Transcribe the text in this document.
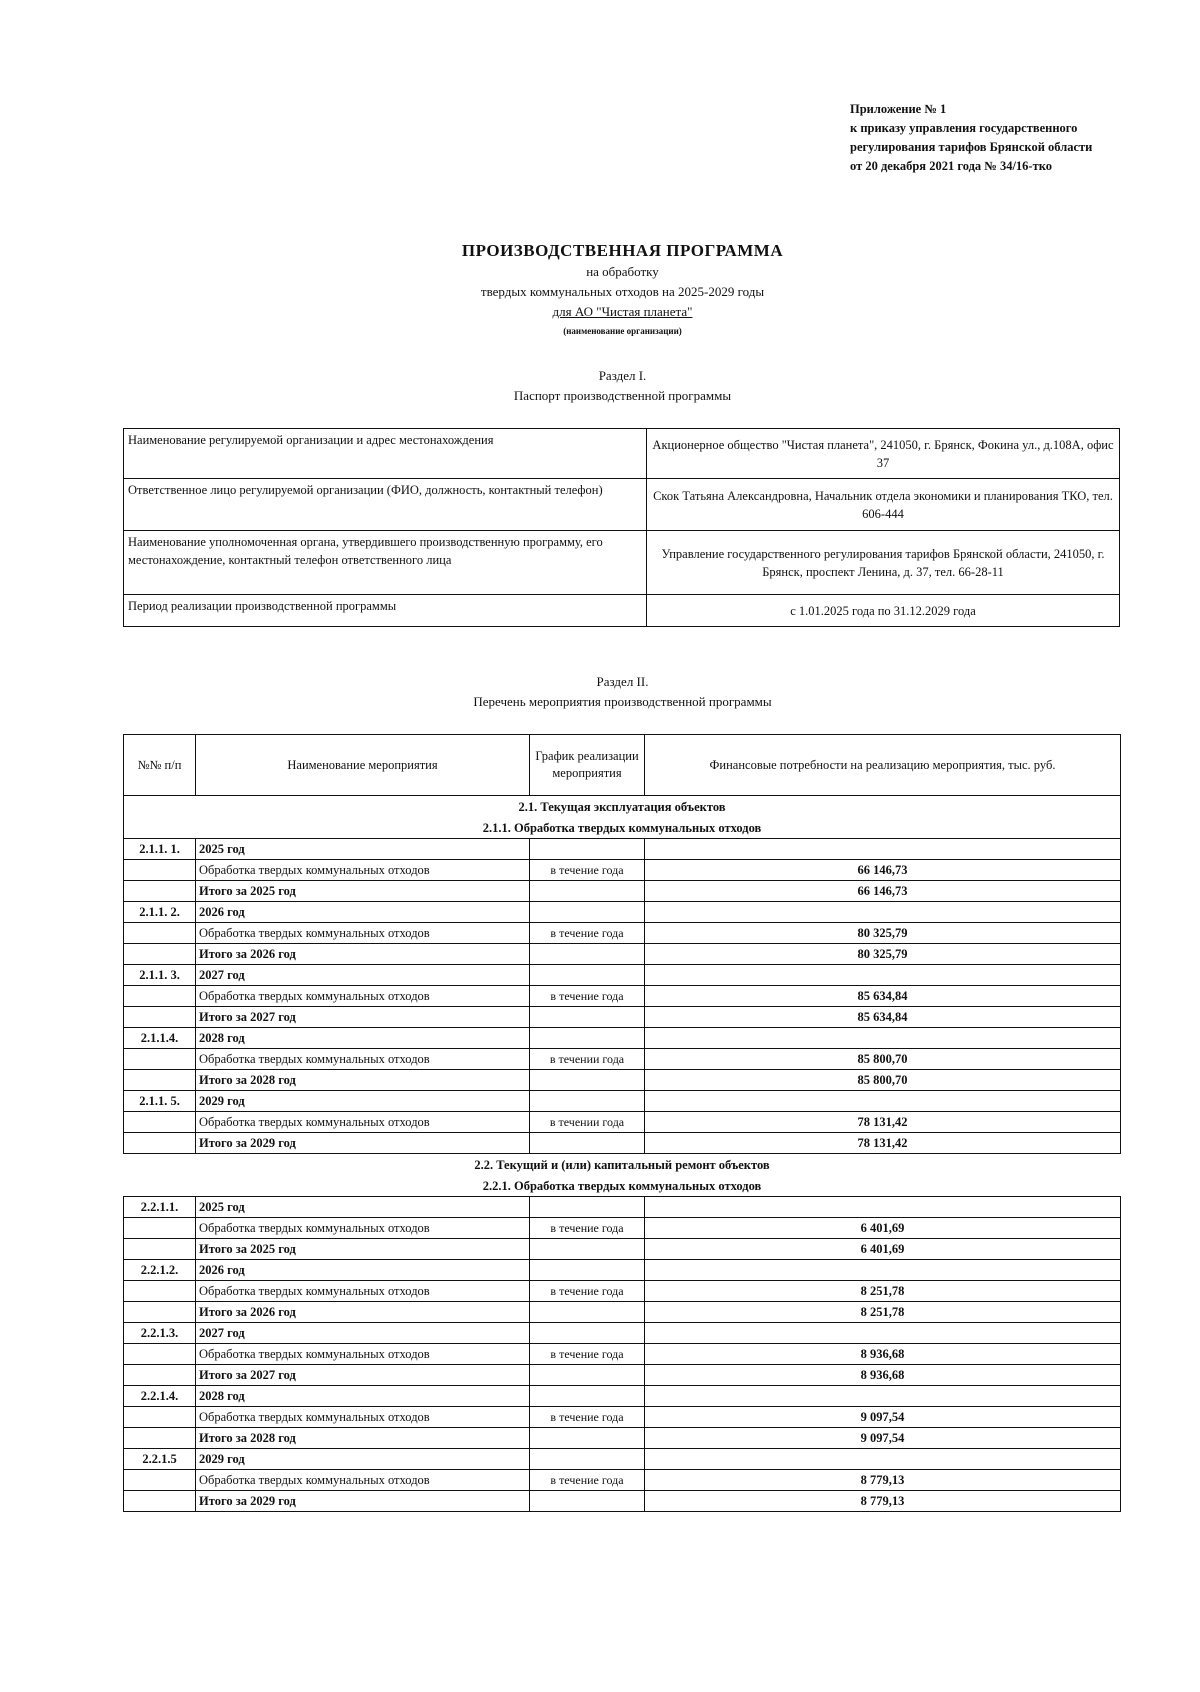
Приложение № 1
к приказу управления государственного
регулирования тарифов Брянской области
от 20 декабря 2021 года № 34/16-тко
ПРОИЗВОДСТВЕННАЯ ПРОГРАММА
на обработку
твердых коммунальных отходов на 2025-2029 годы
для АО "Чистая планета"
(наименование организации)
Раздел I.
Паспорт производственной программы
Наименование регулируемой организации и адрес местонахождения	Акционерное общество "Чистая планета", 241050, г. Брянск, Фокина ул., д.108А, офис 37
Ответственное лицо регулируемой организации (ФИО, должность, контактный телефон)	Скок Татьяна Александровна, Начальник отдела экономики и планирования ТКО, тел. 606-444
Наименование уполномоченная органа, утвердившего производственную программу, его местонахождение, контактный телефон ответственного лица	Управление государственного регулирования тарифов Брянской области, 241050, г. Брянск, проспект Ленина, д. 37, тел. 66-28-11
Период реализации производственной программы	с 1.01.2025 года по 31.12.2029 года
Раздел II.
Перечень мероприятия производственной программы
№№ п/п	Наименование мероприятия	График реализации мероприятия	Финансовые потребности на реализацию мероприятия, тыс. руб.
2.1. Текущая эксплуатация объектов			
2.1.1. Обработка твердых коммунальных отходов			
2.1.1. 1.	2025 год		
	Обработка твердых коммунальных отходов	в течение года	66 146,73
	Итого за 2025 год		66 146,73
2.1.1. 2.	2026 год		
	Обработка твердых коммунальных отходов	в течение года	80 325,79
	Итого за 2026 год		80 325,79
2.1.1. 3.	2027 год		
	Обработка твердых коммунальных отходов	в течение года	85 634,84
	Итого за 2027 год		85 634,84
2.1.1.4.	2028 год		
	Обработка твердых коммунальных отходов	в течении года	85 800,70
	Итого за 2028 год		85 800,70
2.1.1. 5.	2029 год		
	Обработка твердых коммунальных отходов	в течении года	78 131,42
	Итого за 2029 год		78 131,42
2.2. Текущий и (или) капитальный ремонт объектов			
2.2.1. Обработка твердых коммунальных отходов			
2.2.1.1.	2025 год		
	Обработка твердых коммунальных отходов	в течение года	6 401,69
	Итого за 2025 год		6 401,69
2.2.1.2.	2026 год		
	Обработка твердых коммунальных отходов	в течение года	8 251,78
	Итого за 2026 год		8 251,78
2.2.1.3.	2027 год		
	Обработка твердых коммунальных отходов	в течение года	8 936,68
	Итого за 2027 год		8 936,68
2.2.1.4.	2028 год		
	Обработка твердых коммунальных отходов	в течение года	9 097,54
	Итого за 2028 год		9 097,54
2.2.1.5	2029 год		
	Обработка твердых коммунальных отходов	в течение года	8 779,13
	Итого за 2029 год		8 779,13
